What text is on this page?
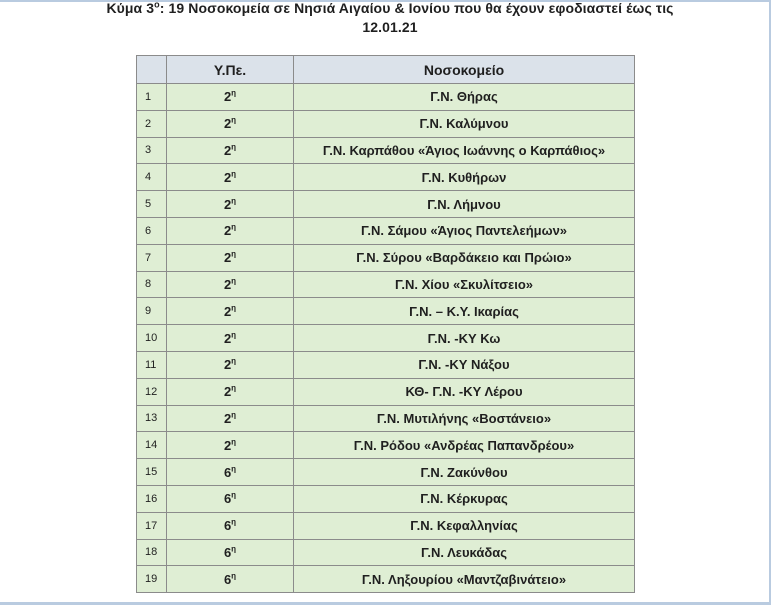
Κύμα $3^o$: 19 Νοσοκομεία σε Νησιά Αιγαίου & Ιονίου που θα έχουν εφοδιαστεί έως τις
12.01.21
	Υ.Πε.	Νοσοκομείο
1	$2^\eta$	Γ.Ν. Θήρας
2	$2^\eta$	Γ.Ν. Καλύμνου
3	$2^\eta$	Γ.Ν. Καρπάθου «Άγιος Ιωάννης ο Καρπάθιος»
4	$2^\eta$	Γ.Ν. Κυθήρων
5	$2^\eta$	Γ.Ν. Λήμνου
6	$2^\eta$	Γ.Ν. Σάμου «Άγιος Παντελεήμων»
7	$2^\eta$	Γ.Ν. Σύρου «Βαρδάκειο και Πρώιο»
8	$2^\eta$	Γ.Ν. Χίου «Σκυλίτσειο»
9	$2^\eta$	Γ.Ν. – Κ.Υ. Ικαρίας
10	$2^\eta$	Γ.Ν. -ΚΥ Κω
11	$2^\eta$	Γ.Ν. -ΚΥ Νάξου
12	$2^\eta$	ΚΘ- Γ.Ν. -ΚΥ Λέρου
13	$2^\eta$	Γ.Ν. Μυτιλήνης «Βοστάνειο»
14	$2^\eta$	Γ.Ν. Ρόδου «Ανδρέας Παπανδρέου»
15	$6^\eta$	Γ.Ν. Ζακύνθου
16	$6^\eta$	Γ.Ν. Κέρκυρας
17	$6^\eta$	Γ.Ν. Κεφαλληνίας
18	$6^\eta$	Γ.Ν. Λευκάδας
19	$6^\eta$	Γ.Ν. Ληξουρίου «Μαντζαβινάτειο»
